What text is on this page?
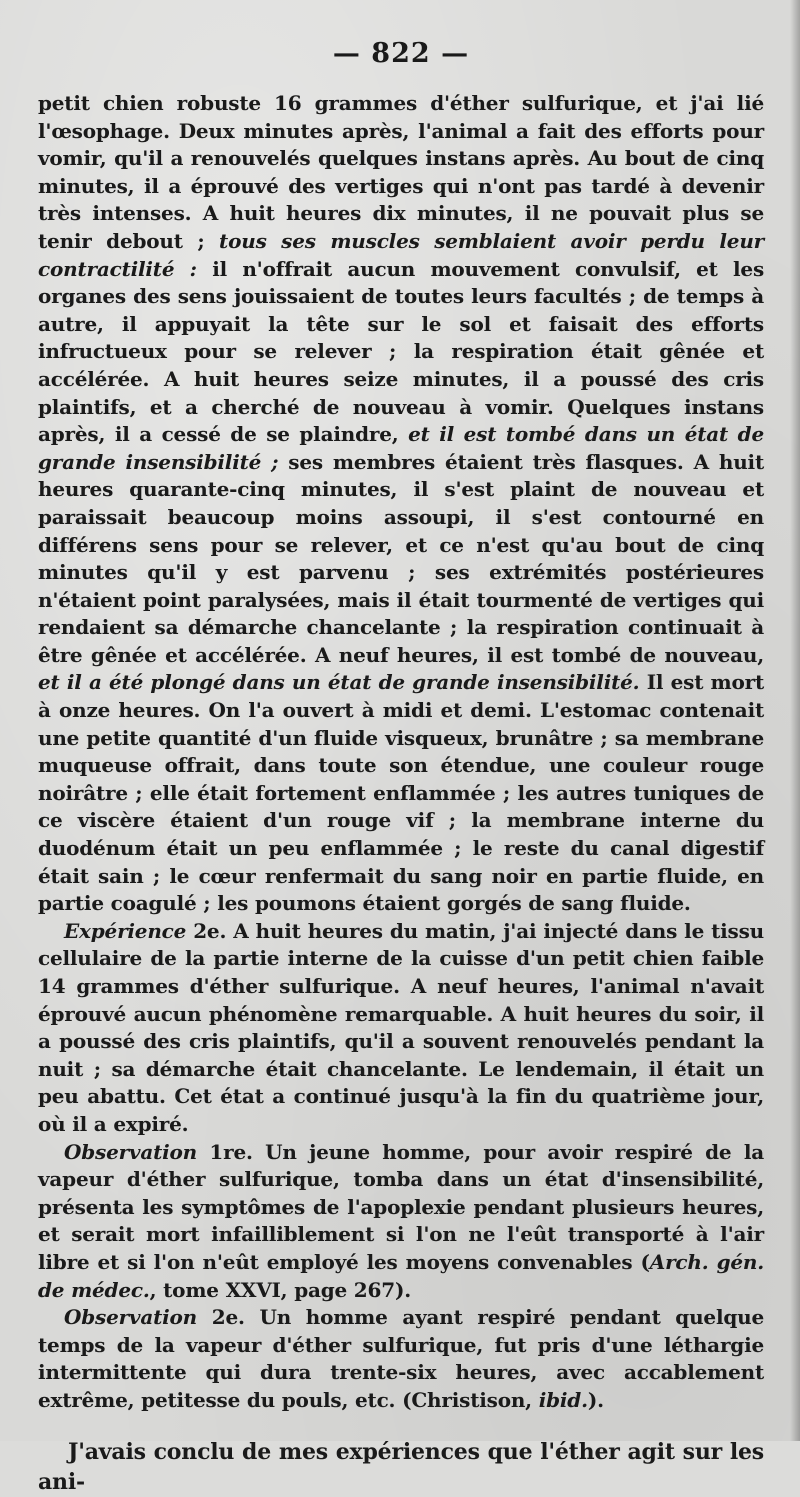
— 822 —

petit chien robuste 16 grammes d'éther sulfurique, et j'ai lié l'œsophage. Deux minutes après, l'animal a fait des efforts pour vomir, qu'il a renouvelés quelques instans après. Au bout de cinq minutes, il a éprouvé des vertiges qui n'ont pas tardé à devenir très intenses. A huit heures dix minutes, il ne pouvait plus se tenir debout ; tous ses muscles semblaient avoir perdu leur contractilité : il n'offrait aucun mouvement convulsif, et les organes des sens jouissaient de toutes leurs facultés ; de temps à autre, il appuyait la tête sur le sol et faisait des efforts infructueux pour se relever ; la respiration était gênée et accélérée. A huit heures seize minutes, il a poussé des cris plaintifs, et a cherché de nouveau à vomir. Quelques instans après, il a cessé de se plaindre, et il est tombé dans un état de grande insensibilité ; ses membres étaient très flasques. A huit heures quarante-cinq minutes, il s'est plaint de nouveau et paraissait beaucoup moins assoupi, il s'est contourné en différens sens pour se relever, et ce n'est qu'au bout de cinq minutes qu'il y est parvenu ; ses extrémités postérieures n'étaient point paralysées, mais il était tourmenté de vertiges qui rendaient sa démarche chancelante ; la respiration continuait à être gênée et accélérée. A neuf heures, il est tombé de nouveau, et il a été plongé dans un état de grande insensibilité. Il est mort à onze heures. On l'a ouvert à midi et demi. L'estomac contenait une petite quantité d'un fluide visqueux, brunâtre ; sa membrane muqueuse offrait, dans toute son étendue, une couleur rouge noirâtre ; elle était fortement enflammée ; les autres tuniques de ce viscère étaient d'un rouge vif ; la membrane interne du duodénum était un peu enflammée ; le reste du canal digestif était sain ; le cœur renfermait du sang noir en partie fluide, en partie coagulé ; les poumons étaient gorgés de sang fluide.

Expérience 2e. A huit heures du matin, j'ai injecté dans le tissu cellulaire de la partie interne de la cuisse d'un petit chien faible 14 grammes d'éther sulfurique. A neuf heures, l'animal n'avait éprouvé aucun phénomène remarquable. A huit heures du soir, il a poussé des cris plaintifs, qu'il a souvent renouvelés pendant la nuit ; sa démarche était chancelante. Le lendemain, il était un peu abattu. Cet état a continué jusqu'à la fin du quatrième jour, où il a expiré.

Observation 1re. Un jeune homme, pour avoir respiré de la vapeur d'éther sulfurique, tomba dans un état d'insensibilité, présenta les symptômes de l'apoplexie pendant plusieurs heures, et serait mort infailliblement si l'on ne l'eût transporté à l'air libre et si l'on n'eût employé les moyens convenables (Arch. gén. de médec., tome XXVI, page 267).

Observation 2e. Un homme ayant respiré pendant quelque temps de la vapeur d'éther sulfurique, fut pris d'une léthargie intermittente qui dura trente-six heures, avec accablement extrême, petitesse du pouls, etc. (Christison, ibid.).

J'avais conclu de mes expériences que l'éther agit sur les ani-
